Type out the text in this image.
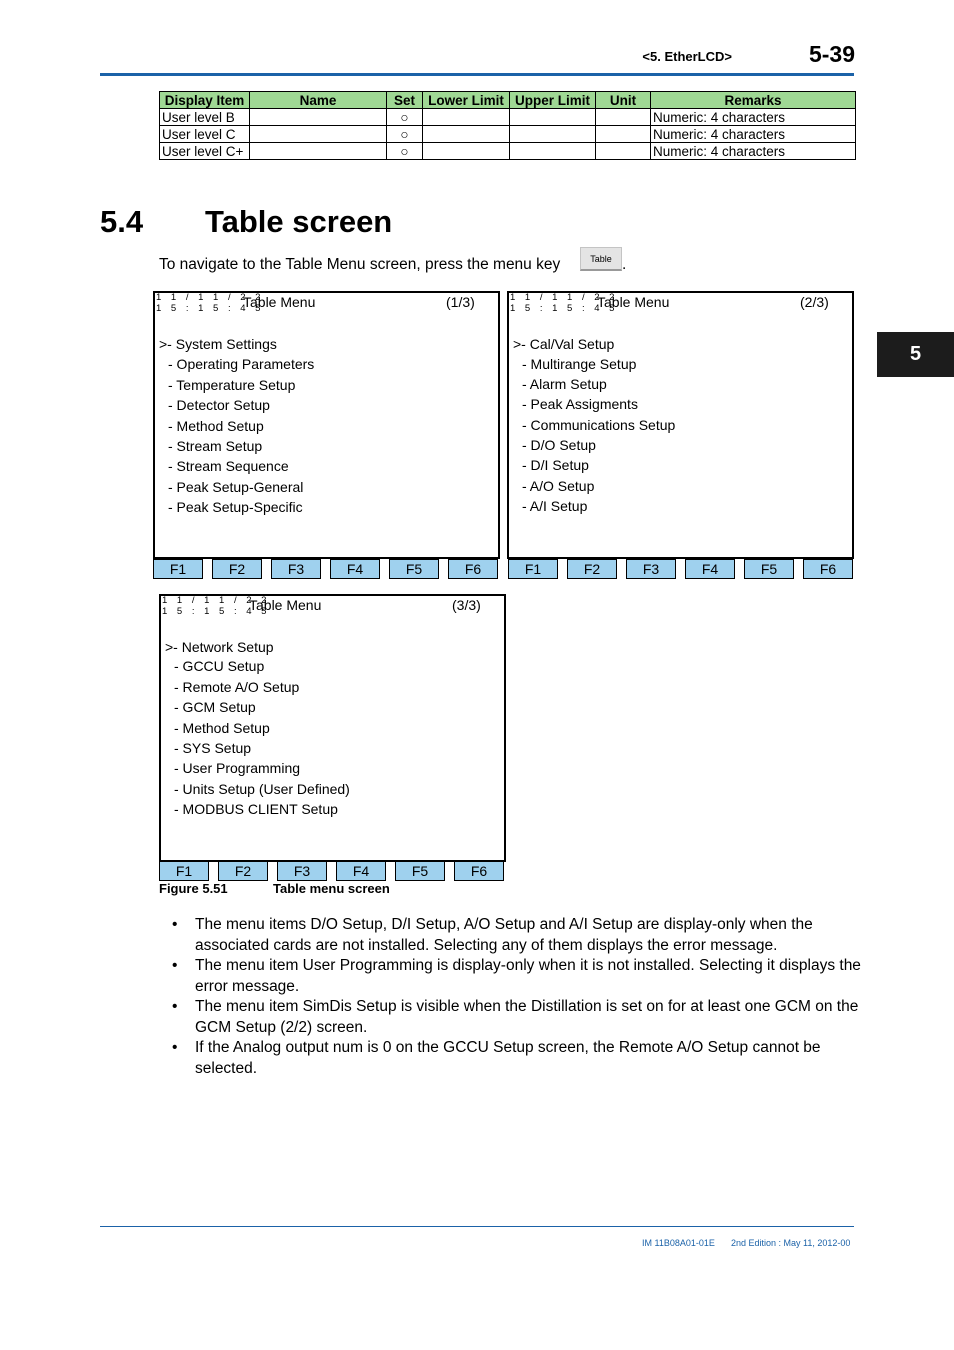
<5. EtherLCD>	5-39
Display Item	Name	Set	Lower Limit	Upper Limit	Unit	Remarks
User level B		○				Numeric: 4 characters
User level C		○				Numeric: 4 characters
User level C+		○				Numeric: 4 characters
5.4 Table screen
To navigate to the Table Menu screen, press the menu key	Table .
1 1 / 1 1 / 2 2
1 5 : 1 5 : 4 5
Table Menu	(1/3)
>- System Settings
- Operating Parameters
- Temperature Setup
- Detector Setup
- Method Setup
- Stream Setup
- Stream Sequence
- Peak Setup-General
- Peak Setup-Specific
F1	F2	F3	F4	F5	F6
1 1 / 1 1 / 2 2
1 5 : 1 5 : 4 5
Table Menu	(2/3)
>- Cal/Val Setup
- Multirange Setup
- Alarm Setup
- Peak Assigments
- Communications Setup
- D/O Setup
- D/I Setup
- A/O Setup
- A/I Setup
F1	F2	F3	F4	F5	F6
1 1 / 1 1 / 2 2
1 5 : 1 5 : 4 5
Table Menu	(3/3)
>- Network Setup
- GCCU Setup
- Remote A/O Setup
- GCM Setup
- Method Setup
- SYS Setup
- User Programming
- Units Setup (User Defined)
- MODBUS CLIENT Setup
F1	F2	F3	F4	F5	F6
Figure 5.51	Table menu screen
• The menu items D/O Setup, D/I Setup, A/O Setup and A/I Setup are display-only when the associated cards are not installed. Selecting any of them displays the error message.
• The menu item User Programming is display-only when it is not installed. Selecting it displays the error message.
• The menu item SimDis Setup is visible when the Distillation is set on for at least one GCM on the GCM Setup (2/2) screen.
• If the Analog output num is 0 on the GCCU Setup screen, the Remote A/O Setup cannot be selected.
5
IM 11B08A01-01E 2nd Edition : May 11, 2012-00
